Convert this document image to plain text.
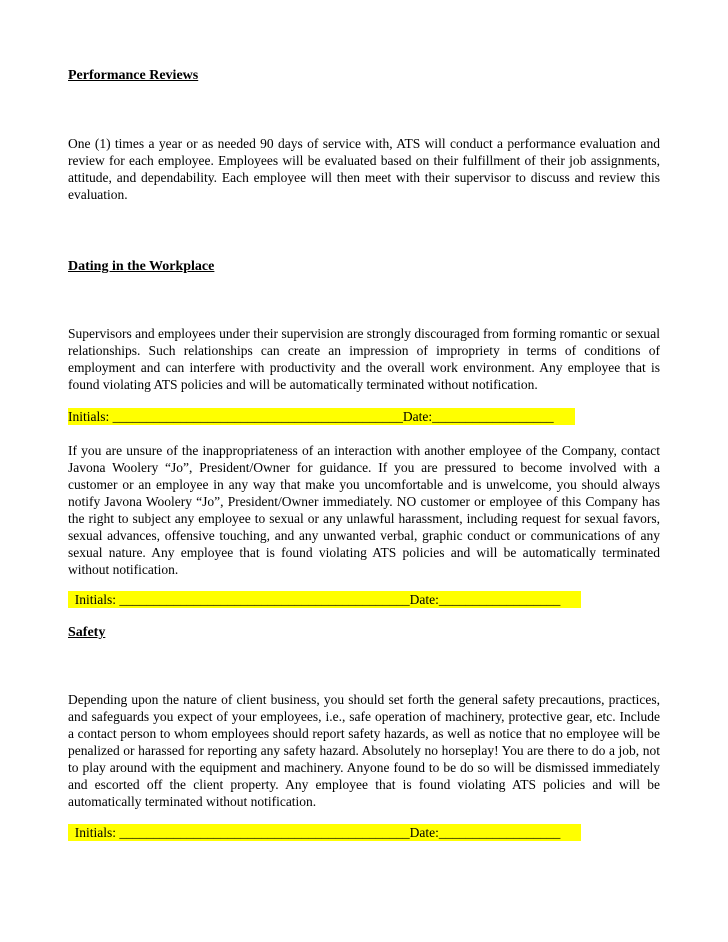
Performance Reviews
One (1) times a year or as needed 90 days of service with, ATS will conduct a performance evaluation and review for each employee. Employees will be evaluated based on their fulfillment of their job assignments, attitude, and dependability. Each employee will then meet with their supervisor to discuss and review this evaluation.
Dating in the Workplace
Supervisors and employees under their supervision are strongly discouraged from forming romantic or sexual relationships. Such relationships can create an impression of impropriety in terms of conditions of employment and can interfere with productivity and the overall work environment. Any employee that is found violating ATS policies and will be automatically terminated without notification.
Initials: ___________________________________________Date:__________________
If you are unsure of the inappropriateness of an interaction with another employee of the Company, contact Javona Woolery “Jo”, President/Owner for guidance. If you are pressured to become involved with a customer or an employee in any way that make you uncomfortable and is unwelcome, you should always notify Javona Woolery “Jo”, President/Owner immediately. NO customer or employee of this Company has the right to subject any employee to sexual or any unlawful harassment, including request for sexual favors, sexual advances, offensive touching, and any unwanted verbal, graphic conduct or communications of any sexual nature. Any employee that is found violating ATS policies and will be automatically terminated without notification.
Initials: ___________________________________________Date:__________________
Safety
Depending upon the nature of client business, you should set forth the general safety precautions, practices, and safeguards you expect of your employees, i.e., safe operation of machinery, protective gear, etc. Include a contact person to whom employees should report safety hazards, as well as notice that no employee will be penalized or harassed for reporting any safety hazard. Absolutely no horseplay! You are there to do a job, not to play around with the equipment and machinery. Anyone found to be do so will be dismissed immediately and escorted off the client property. Any employee that is found violating ATS policies and will be automatically terminated without notification.
Initials: ___________________________________________Date:__________________
